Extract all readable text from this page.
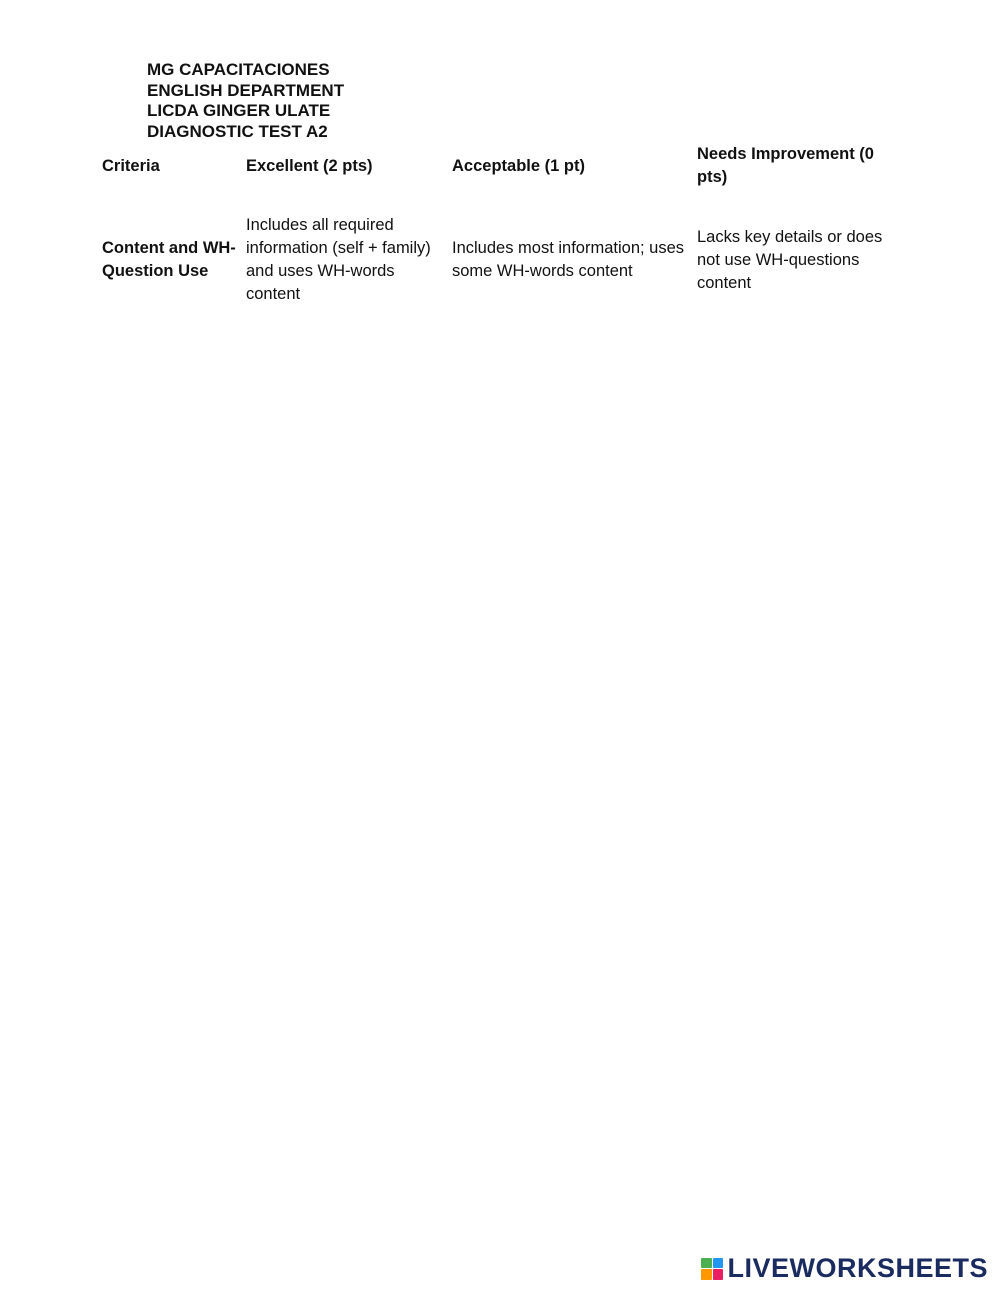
MG CAPACITACIONES
ENGLISH DEPARTMENT
LICDA GINGER ULATE
DIAGNOSTIC TEST A2
Criteria	Excellent (2 pts)	Acceptable (1 pt)
Needs Improvement (0 pts)
Content and WH-Question Use
Includes all required information (self + family) and uses WH-words content
Includes most information; uses some WH-words content
Lacks key details or does not use WH-questions content
LIVEWORKSHEETS
